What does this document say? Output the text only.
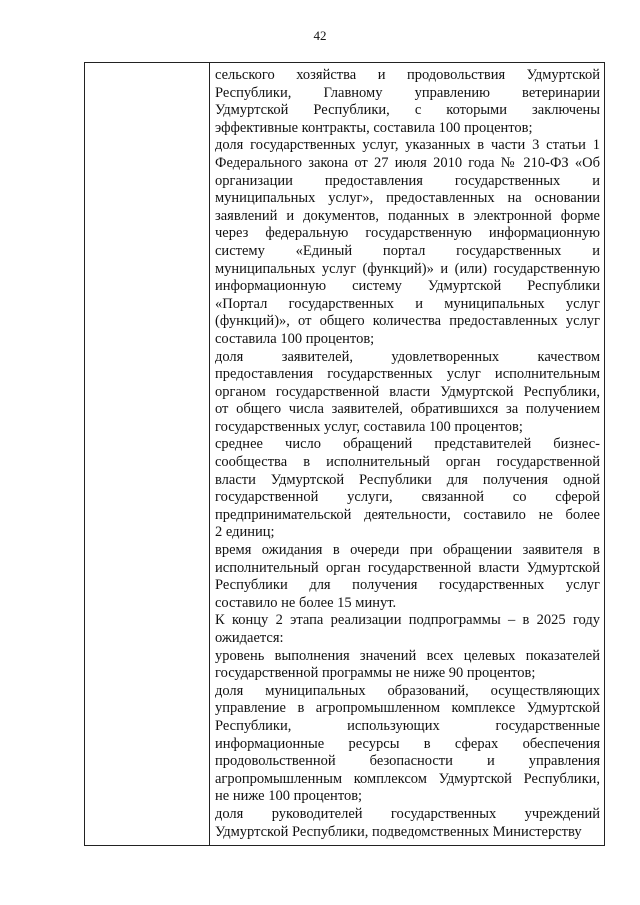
42
сельского хозяйства и продовольствия Удмуртской
Республики, Главному управлению ветеринарии
Удмуртской Республики, с которыми заключены
эффективные контракты, составила 100 процентов;
доля государственных услуг, указанных в части 3 статьи 1
Федерального закона от 27 июля 2010 года № 210-ФЗ «Об
организации предоставления государственных и
муниципальных услуг», предоставленных на основании
заявлений и документов, поданных в электронной форме
через федеральную государственную информационную
систему «Единый портал государственных и
муниципальных услуг (функций)» и (или) государственную
информационную систему Удмуртской Республики
«Портал государственных и муниципальных услуг
(функций)», от общего количества предоставленных услуг
составила 100 процентов;
доля заявителей, удовлетворенных качеством
предоставления государственных услуг исполнительным
органом государственной власти Удмуртской Республики,
от общего числа заявителей, обратившихся за получением
государственных услуг, составила 100 процентов;
среднее число обращений представителей бизнес-
сообщества в исполнительный орган государственной
власти Удмуртской Республики для получения одной
государственной услуги, связанной со сферой
предпринимательской деятельности, составило не более
2 единиц;
время ожидания в очереди при обращении заявителя в
исполнительный орган государственной власти Удмуртской
Республики для получения государственных услуг
составило не более 15 минут.
К концу 2 этапа реализации подпрограммы – в 2025 году
ожидается:
уровень выполнения значений всех целевых показателей
государственной программы не ниже 90 процентов;
доля муниципальных образований, осуществляющих
управление в агропромышленном комплексе Удмуртской
Республики, использующих государственные
информационные ресурсы в сферах обеспечения
продовольственной безопасности и управления
агропромышленным комплексом Удмуртской Республики,
не ниже 100 процентов;
доля руководителей государственных учреждений
Удмуртской Республики, подведомственных Министерству
